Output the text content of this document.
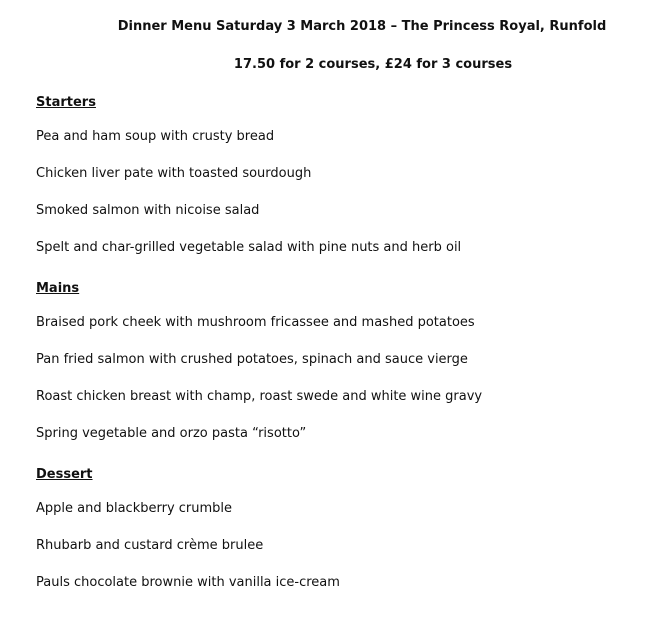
Dinner Menu Saturday 3 March 2018 – The Princess Royal, Runfold
17.50 for 2 courses, £24 for 3 courses
Starters
Pea and ham soup with crusty bread
Chicken liver pate with toasted sourdough
Smoked salmon with nicoise salad
Spelt and char-grilled vegetable salad with pine nuts and herb oil
Mains
Braised pork cheek with mushroom fricassee and mashed potatoes
Pan fried salmon with crushed potatoes, spinach and sauce vierge
Roast chicken breast with champ, roast swede and white wine gravy
Spring vegetable and orzo pasta “risotto”
Dessert
Apple and blackberry crumble
Rhubarb and custard crème brulee
Pauls chocolate brownie with vanilla ice-cream
